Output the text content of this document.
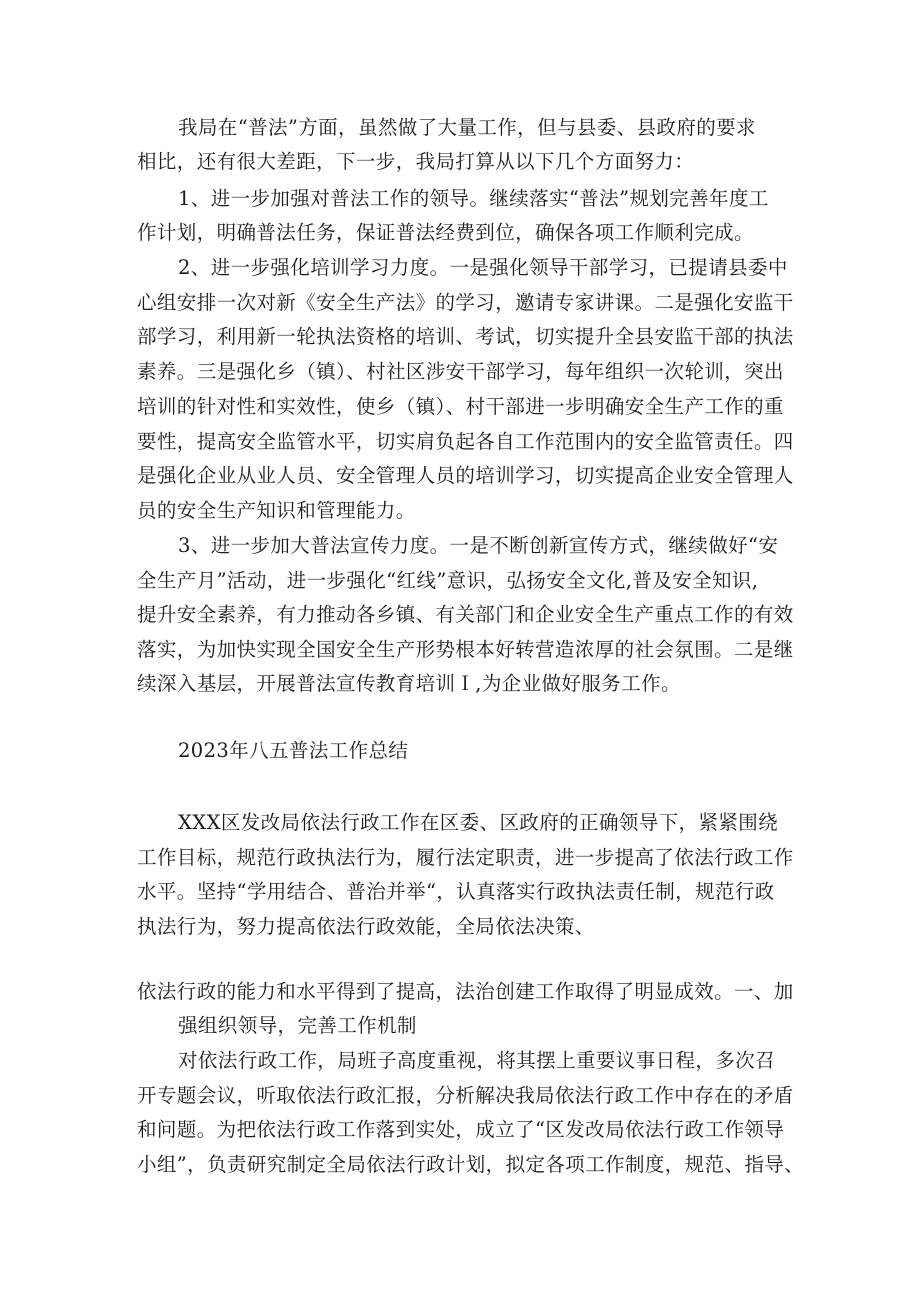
我局在“普法”方面，虽然做了大量工作，但与县委、县政府的要求
相比，还有很大差距，下一步，我局打算从以下几个方面努力：
1、进一步加强对普法工作的领导。继续落实“普法”规划完善年度工
作计划，明确普法任务，保证普法经费到位，确保各项工作顺利完成。
2、进一步强化培训学习力度。一是强化领导干部学习，已提请县委中
心组安排一次对新《安全生产法》的学习，邀请专家讲课。二是强化安监干
部学习，利用新一轮执法资格的培训、考试，切实提升全县安监干部的执法
素养。三是强化乡（镇）、村社区涉安干部学习，每年组织一次轮训，突出
培训的针对性和实效性，使乡（镇）、村干部进一步明确安全生产工作的重
要性，提高安全监管水平，切实肩负起各自工作范围内的安全监管责任。四
是强化企业从业人员、安全管理人员的培训学习，切实提高企业安全管理人
员的安全生产知识和管理能力。
3、进一步加大普法宣传力度。一是不断创新宣传方式，继续做好“安
全生产月”活动，进一步强化“红线”意识，弘扬安全文化,普及安全知识,
提升安全素养，有力推动各乡镇、有关部门和企业安全生产重点工作的有效
落实，为加快实现全国安全生产形势根本好转营造浓厚的社会氛围。二是继
续深入基层，开展普法宣传教育培训Ｉ,为企业做好服务工作。
2023年八五普法工作总结
XXX区发改局依法行政工作在区委、区政府的正确领导下，紧紧围绕
工作目标，规范行政执法行为，履行法定职责，进一步提高了依法行政工作
水平。坚持“学用结合、普治并举“，认真落实行政执法责任制，规范行政
执法行为，努力提高依法行政效能，全局依法决策、
依法行政的能力和水平得到了提高，法治创建工作取得了明显成效。一、加
强组织领导，完善工作机制
对依法行政工作，局班子高度重视，将其摆上重要议事日程，多次召
开专题会议，听取依法行政汇报，分析解决我局依法行政工作中存在的矛盾
和问题。为把依法行政工作落到实处，成立了“区发改局依法行政工作领导
小组”，负责研究制定全局依法行政计划，拟定各项工作制度，规范、指导、
